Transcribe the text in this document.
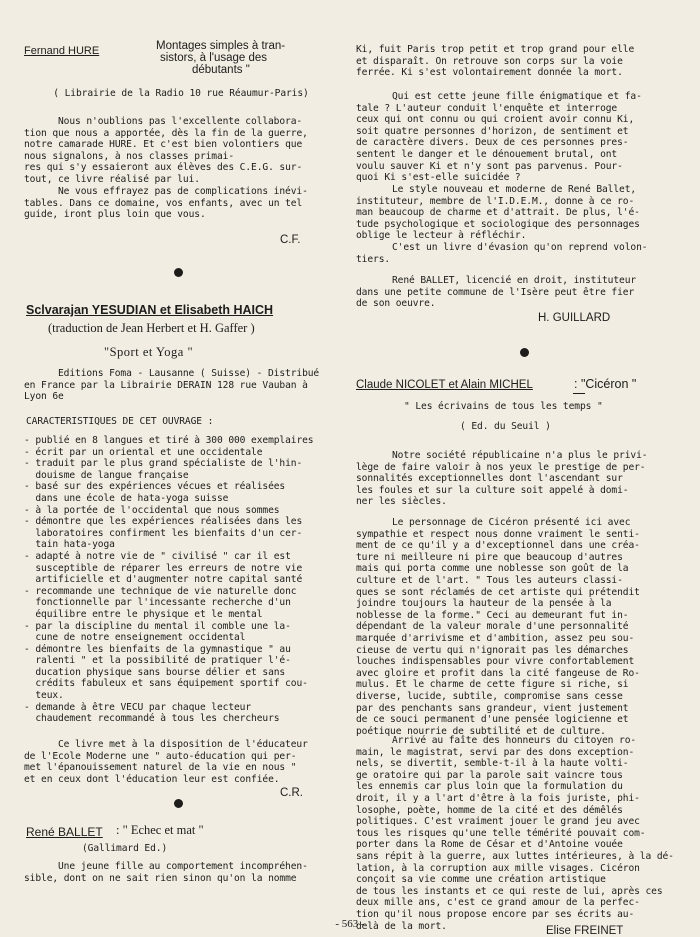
Fernand HURE	Montages simples à tran-
sistors, à l'usage des
débutants "
( Librairie de la Radio 10 rue Réaumur-Paris)
Nous n'oublions pas l'excellente collabora-
tion que nous a apportée, dès la fin de la guerre,
notre camarade HURE. Et c'est bien volontiers que
nous signalons, à nos classes primai-
res qui s'y essaieront aux élèves des C.E.G. sur-
tout, ce livre réalisé par lui.
Ne vous effrayez pas de complications inévi-
tables. Dans ce domaine, vos enfants, avec un tel
guide, iront plus loin que vous.
C.F.
Sclvarajan YESUDIAN et Elisabeth HAICH
(traduction de Jean Herbert et H. Gaffer )
"Sport et Yoga "
Editions Foma - Lausanne ( Suisse) - Distribué
en France par la Librairie DERAIN 128 rue Vauban à
Lyon 6e
CARACTERISTIQUES DE CET OUVRAGE :
- publié en 8 langues et tiré à 300 000 exemplaires
- écrit par un oriental et une occidentale
- traduit par le plus grand spécialiste de l'hin-
douisme de langue française
- basé sur des expériences vécues et réalisées
dans une école de hata-yoga suisse
- à la portée de l'occidental que nous sommes
- démontre que les expériences réalisées dans les
laboratoires confirment les bienfaits d'un cer-
tain hata-yoga
- adapté à notre vie de " civilisé " car il est
susceptible de réparer les erreurs de notre vie
artificielle et d'augmenter notre capital santé
- recommande une technique de vie naturelle donc
fonctionnelle par l'incessante recherche d'un
équilibre entre le physique et le mental
- par la discipline du mental il comble une la-
cune de notre enseignement occidental
- démontre les bienfaits de la gymnastique " au
ralenti " et la possibilité de pratiquer l'é-
ducation physique sans bourse délier et sans
crédits fabuleux et sans équipement sportif cou-
teux.
- demande à être VECU par chaque lecteur
chaudement recommandé à tous les chercheurs
Ce livre met à la disposition de l'éducateur
de l'Ecole Moderne une " auto-éducation qui per-
met l'épanouissement naturel de la vie en nous "
et en ceux dont l'éducation leur est confiée.
C.R.
René BALLET : " Echec et mat "
(Gallimard Ed.)
Une jeune fille au comportement incompréhen-
sible, dont on ne sait rien sinon qu'on la nomme
Ki, fuit Paris trop petit et trop grand pour elle
et disparaît. On retrouve son corps sur la voie
ferrée. Ki s'est volontairement donnée la mort.
Qui est cette jeune fille énigmatique et fa-
tale ? L'auteur conduit l'enquête et interroge
ceux qui ont connu ou qui croient avoir connu Ki,
soit quatre personnes d'horizon, de sentiment et
de caractère divers. Deux de ces personnes pres-
sentent le danger et le dénouement brutal, ont
voulu sauver Ki et n'y sont pas parvenus. Pour-
quoi Ki s'est-elle suicidée ?
Le style nouveau et moderne de René Ballet,
instituteur, membre de l'I.D.E.M., donne à ce ro-
man beaucoup de charme et d'attrait. De plus, l'é-
tude psychologique et sociologique des personnages
oblige le lecteur à réfléchir.
C'est un livre d'évasion qu'on reprend volon-
tiers.
René BALLET, licencié en droit, instituteur
dans une petite commune de l'Isère peut être fier
de son oeuvre.
H. GUILLARD
Claude NICOLET et Alain MICHEL	: "Cicéron "
" Les écrivains de tous les temps "
( Ed. du Seuil )
Notre société républicaine n'a plus le privi-
lège de faire valoir à nos yeux le prestige de per-
sonnalités exceptionnelles dont l'ascendant sur
les foules et sur la culture soit appelé à domi-
ner les siècles.
Le personnage de Cicéron présenté ici avec
sympathie et respect nous donne vraiment le senti-
ment de ce qu'il y a d'exceptionnel dans une créa-
ture ni meilleure ni pire que beaucoup d'autres
mais qui porta comme une noblesse son goût de la
culture et de l'art. " Tous les auteurs classi-
ques se sont réclamés de cet artiste qui prétendit
joindre toujours la hauteur de la pensée à la
noblesse de la forme." Ceci au demeurant fut in-
dépendant de la valeur morale d'une personnalité
marquée d'arrivisme et d'ambition, assez peu sou-
cieuse de vertu qui n'ignorait pas les démarches
louches indispensables pour vivre confortablement
avec gloire et profit dans la cité fangeuse de Ro-
mulus. Et le charme de cette figure si riche, si
diverse, lucide, subtile, compromise sans cesse
par des penchants sans grandeur, vient justement
de ce souci permanent d'une pensée logicienne et
poétique nourrie de subtilité et de culture.
Arrivé au faîte des honneurs du citoyen ro-
main, le magistrat, servi par des dons exception-
nels, se divertit, semble-t-il à la haute volti-
ge oratoire qui par la parole sait vaincre tous
les ennemis car plus loin que la formulation du
droit, il y a l'art d'être à la fois juriste, phi-
losophe, poète, homme de la cité et des démêlés
politiques. C'est vraiment jouer le grand jeu avec
tous les risques qu'une telle témérité pouvait com-
porter dans la Rome de César et d'Antoine vouée
sans répit à la guerre, aux luttes intérieures, à la dé-
lation, à la corruption aux mille visages. Cicéron
conçoit sa vie comme une création artistique
de tous les instants et ce qui reste de lui, après ces
deux mille ans, c'est ce grand amour de la perfec-
tion qu'il nous propose encore par ses écrits au-
delà de la mort.	Elise FREINET
- 563 -
